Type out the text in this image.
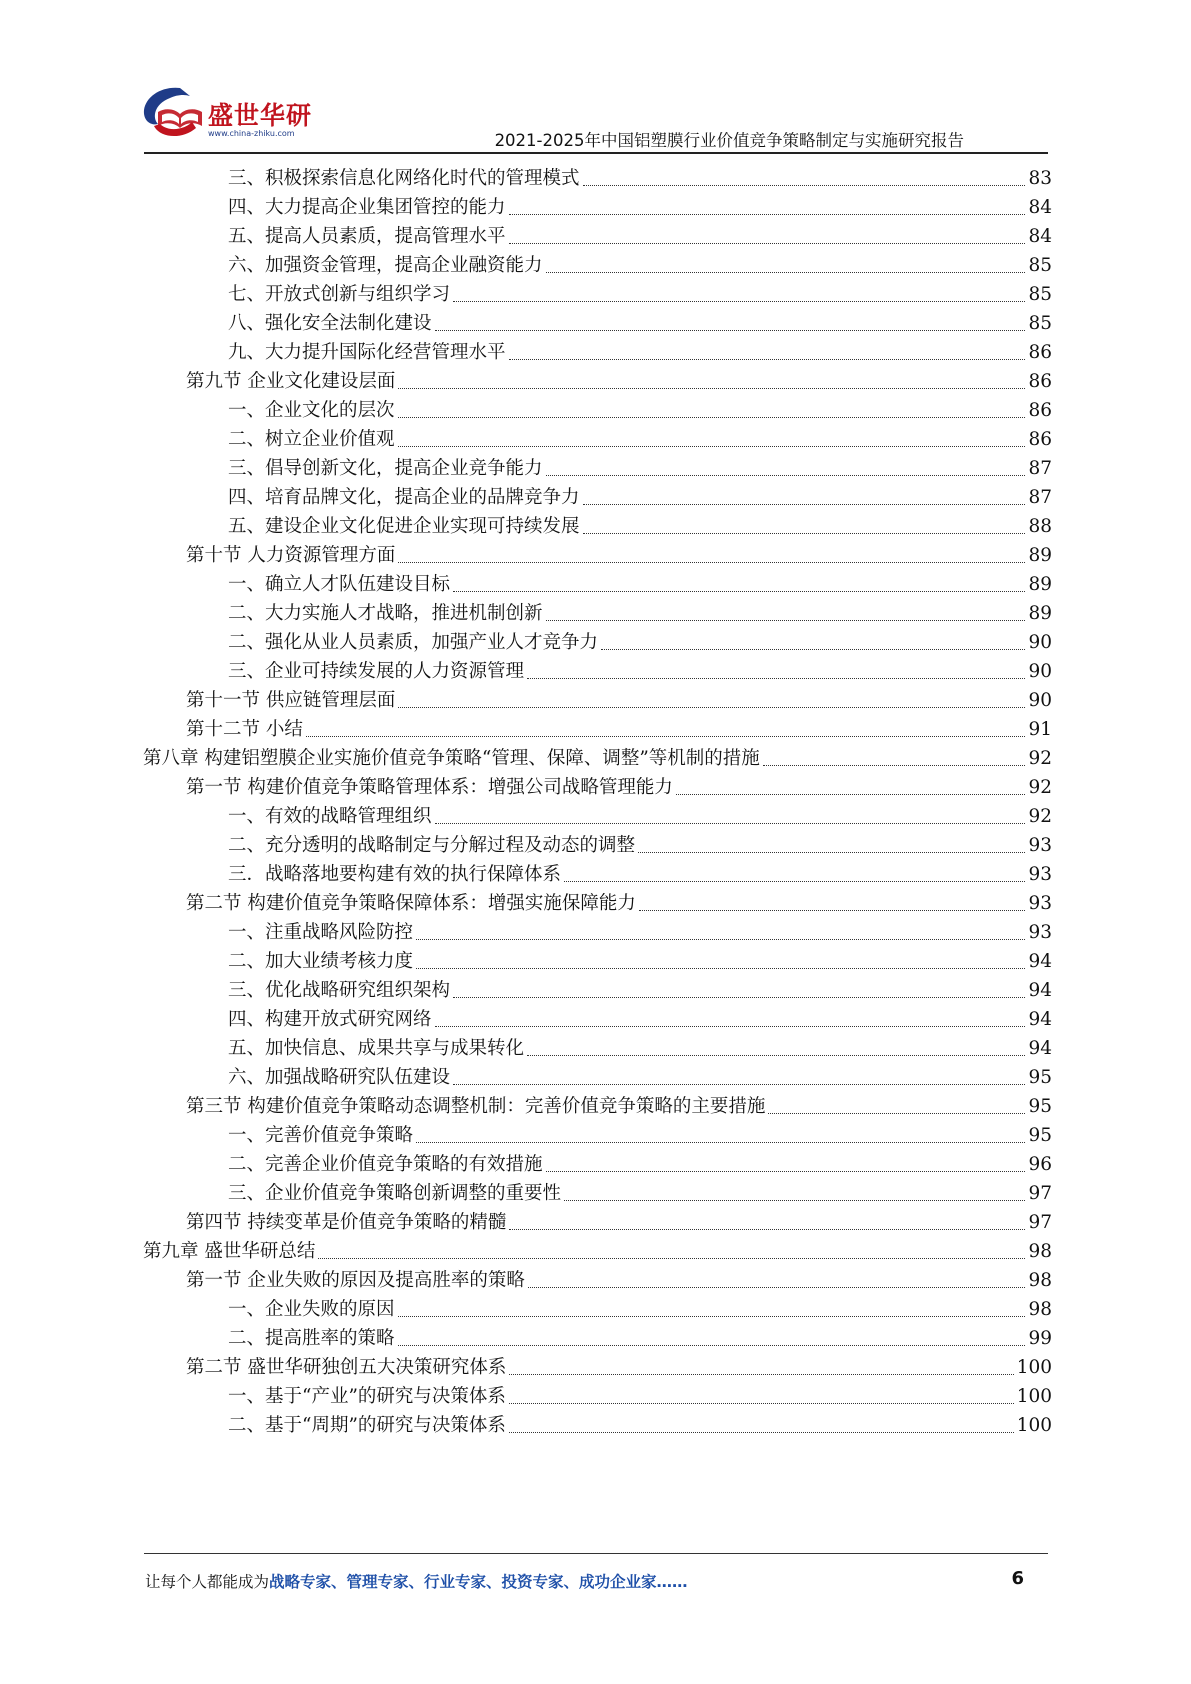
盛世华研
www.china-zhiku.com	2021-2025年中国铝塑膜行业价值竞争策略制定与实施研究报告
三、积极探索信息化网络化时代的管理模式	83
四、大力提高企业集团管控的能力	84
五、提高人员素质，提高管理水平	84
六、加强资金管理，提高企业融资能力	85
七、开放式创新与组织学习	85
八、强化安全法制化建设	85
九、大力提升国际化经营管理水平	86
第九节 企业文化建设层面	86
一、企业文化的层次	86
二、树立企业价值观	86
三、倡导创新文化，提高企业竞争能力	87
四、培育品牌文化，提高企业的品牌竞争力	87
五、建设企业文化促进企业实现可持续发展	88
第十节 人力资源管理方面	89
一、确立人才队伍建设目标	89
二、大力实施人才战略，推进机制创新	89
二、强化从业人员素质，加强产业人才竞争力	90
三、企业可持续发展的人力资源管理	90
第十一节 供应链管理层面	90
第十二节 小结	91
第八章 构建铝塑膜企业实施价值竞争策略“管理、保障、调整”等机制的措施	92
第一节 构建价值竞争策略管理体系：增强公司战略管理能力	92
一、有效的战略管理组织	92
二、充分透明的战略制定与分解过程及动态的调整	93
三．战略落地要构建有效的执行保障体系	93
第二节 构建价值竞争策略保障体系：增强实施保障能力	93
一、注重战略风险防控	93
二、加大业绩考核力度	94
三、优化战略研究组织架构	94
四、构建开放式研究网络	94
五、加快信息、成果共享与成果转化	94
六、加强战略研究队伍建设	95
第三节 构建价值竞争策略动态调整机制：完善价值竞争策略的主要措施	95
一、完善价值竞争策略	95
二、完善企业价值竞争策略的有效措施	96
三、企业价值竞争策略创新调整的重要性	97
第四节 持续变革是价值竞争策略的精髓	97
第九章 盛世华研总结	98
第一节 企业失败的原因及提高胜率的策略	98
一、企业失败的原因	98
二、提高胜率的策略	99
第二节 盛世华研独创五大决策研究体系	100
一、基于“产业”的研究与决策体系	100
二、基于“周期”的研究与决策体系	100
让每个人都能成为战略专家、管理专家、行业专家、投资专家、成功企业家……	6
